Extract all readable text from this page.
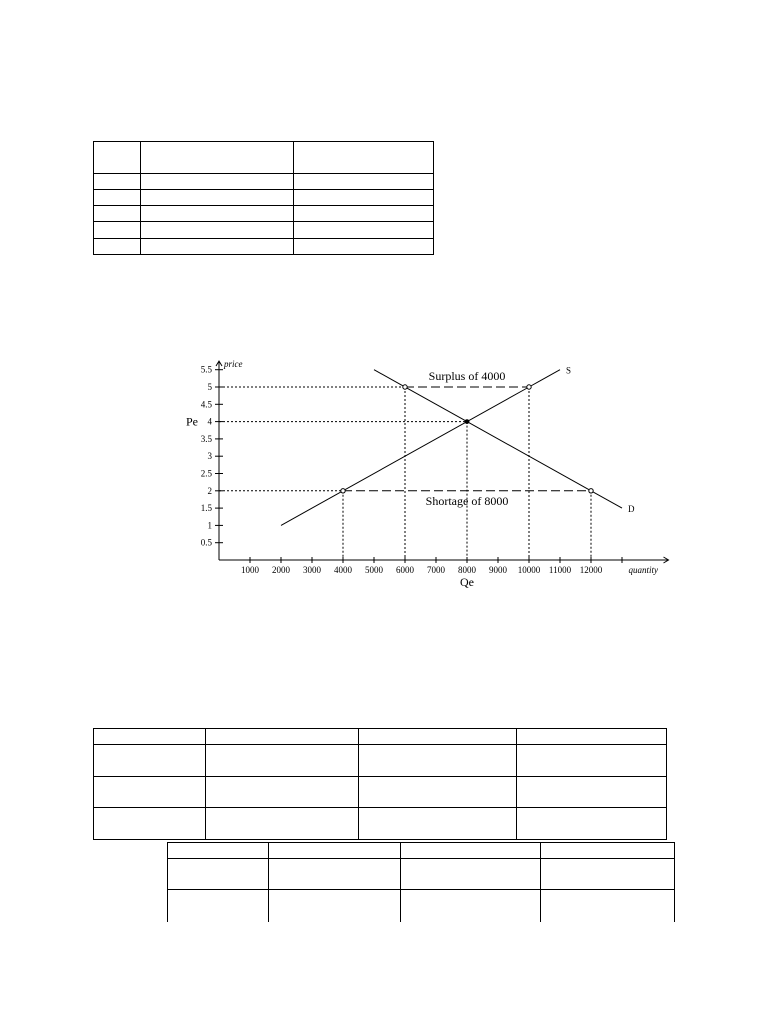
1000 2000 3000 4000 5000 6000 7000 8000 9000 10000 11000 12000
0.5
1
1.5
2
2.5
3
3.5
4
4.5
5
5.5
price
quantity
S
D
Pe
Qe
Surplus of 4000
Shortage of 8000
